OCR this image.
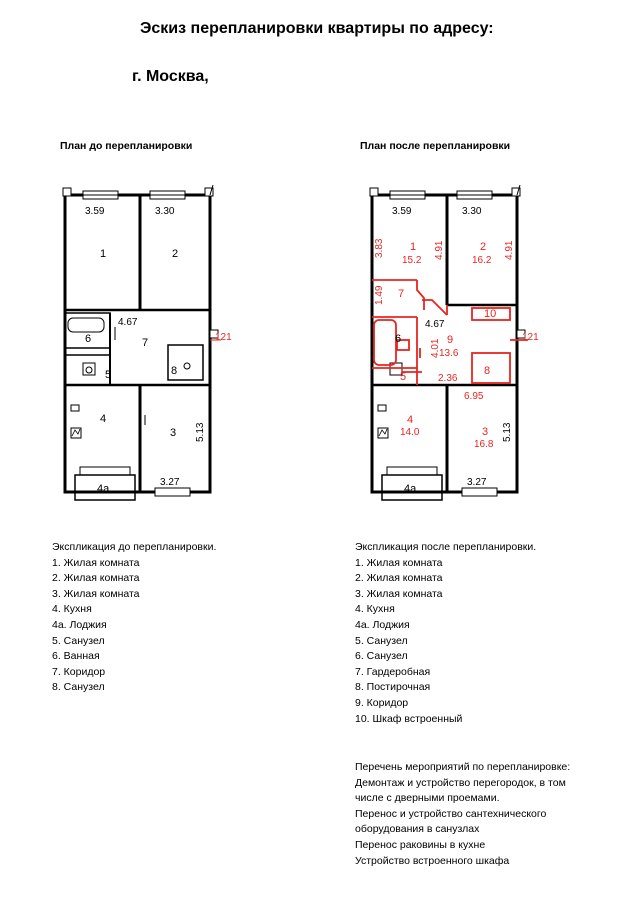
Эскиз перепланировки квартиры по адресу:
г. Москва,
План до перепланировки	План после перепланировки
3.59	3.30
1	2
4.67
6	7
8
5
4
3 5.13
4a
3.27
121
3.59	3.30
4.67
5.13
3.27
4a
6
3.83 1
15.2
4.91	2
16.2
4.91
1.49 7
10
9
13.6
4.01
8
5	2.36
6.95
4
14.0	3
16.8
121
Экспликация до перепланировки.
1. Жилая комната
2. Жилая комната
3. Жилая комната
4. Кухня
4а. Лоджия
5. Санузел
6. Ванная
7. Коридор
8. Санузел
Экспликация после перепланировки.
1. Жилая комната
2. Жилая комната
3. Жилая комната
4. Кухня
4а. Лоджия
5. Санузел
6. Санузел
7. Гардеробная
8. Постирочная
9. Коридор
10. Шкаф встроенный
Перечень мероприятий по перепланировке:
Демонтаж и устройство перегородок, в том
числе с дверными проемами.
Перенос и устройство сантехнического
оборудования в санузлах
Перенос раковины в кухне
Устройство встроенного шкафа
